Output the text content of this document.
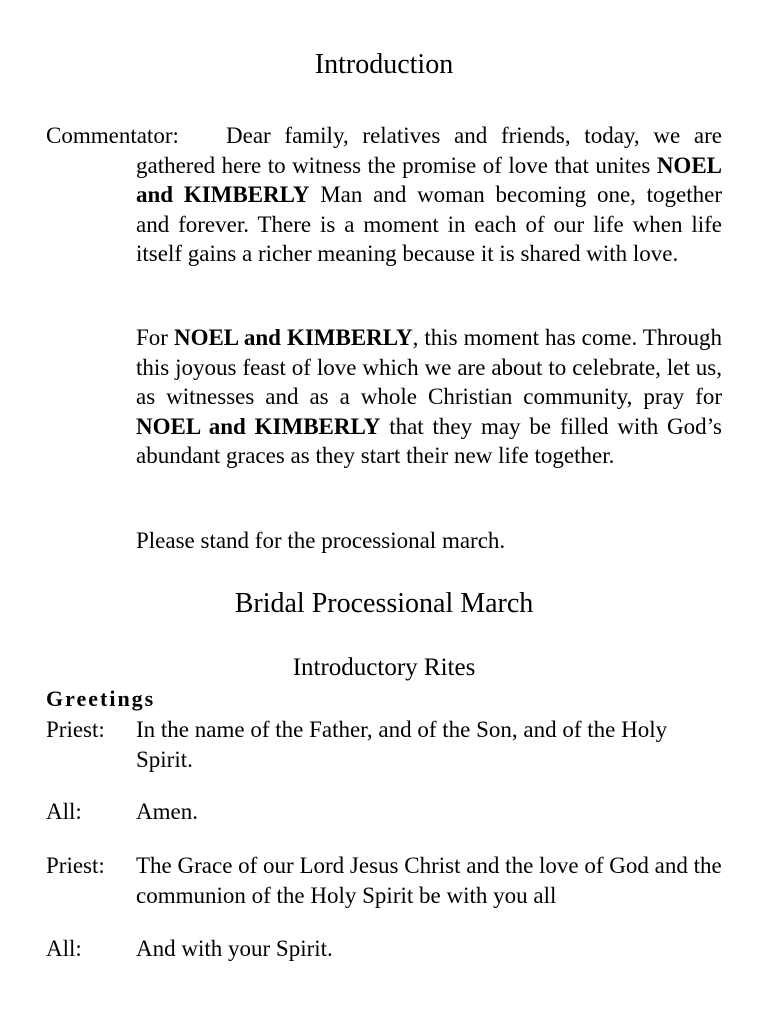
Introduction
Commentator:	Dear family, relatives and friends, today, we are gathered here to witness the promise of love that unites NOEL and KIMBERLY Man and woman becoming one, together and forever. There is a moment in each of our life when life itself gains a richer meaning because it is shared with love.

For NOEL and KIMBERLY, this moment has come. Through this joyous feast of love which we are about to celebrate, let us, as witnesses and as a whole Christian community, pray for NOEL and KIMBERLY that they may be filled with God’s abundant graces as they start their new life together.

Please stand for the processional march.

Bridal Processional March
Introductory Rites
Greetings
Priest: In the name of the Father, and of the Son, and of the Holy Spirit.
All: Amen.
Priest: The Grace of our Lord Jesus Christ and the love of God and the communion of the Holy Spirit be with you all
All: And with your Spirit.
